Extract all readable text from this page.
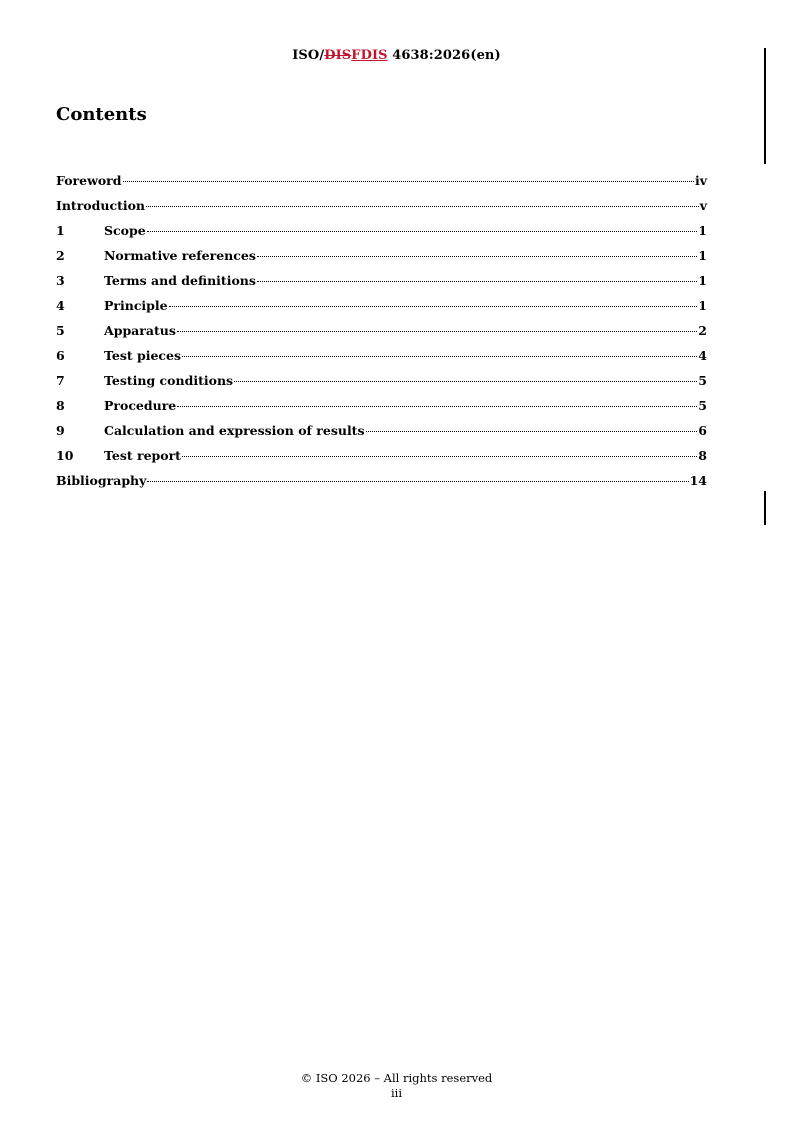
ISO/DISFDIS 4638:2026(en)
Contents
Foreword	iv
Introduction	v
1	Scope	1
2	Normative references	1
3	Terms and definitions	1
4	Principle	1
5	Apparatus	2
6	Test pieces	4
7	Testing conditions	5
8	Procedure	5
9	Calculation and expression of results	6
10	Test report	8
Bibliography	14
© ISO 2026 – All rights reserved
iii
